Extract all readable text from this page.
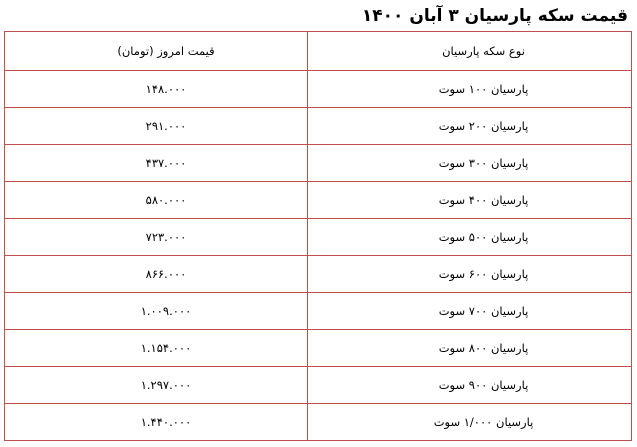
قیمت سکه پارسیان ۳ آبان ۱۴۰۰
نوع سکه پارسیان	قیمت امروز (تومان)
پارسیان ۱۰۰ سوت	۱۴۸.۰۰۰
پارسیان ۲۰۰ سوت	۲۹۱.۰۰۰
پارسیان ۳۰۰ سوت	۴۳۷.۰۰۰
پارسیان ۴۰۰ سوت	۵۸۰.۰۰۰
پارسیان ۵۰۰ سوت	۷۲۳.۰۰۰
پارسیان ۶۰۰ سوت	۸۶۶.۰۰۰
پارسیان ۷۰۰ سوت	۱.۰۰۹.۰۰۰
پارسیان ۸۰۰ سوت	۱.۱۵۴.۰۰۰
پارسیان ۹۰۰ سوت	۱.۲۹۷.۰۰۰
پارسیان ۱/۰۰۰ سوت	۱.۴۴۰.۰۰۰
